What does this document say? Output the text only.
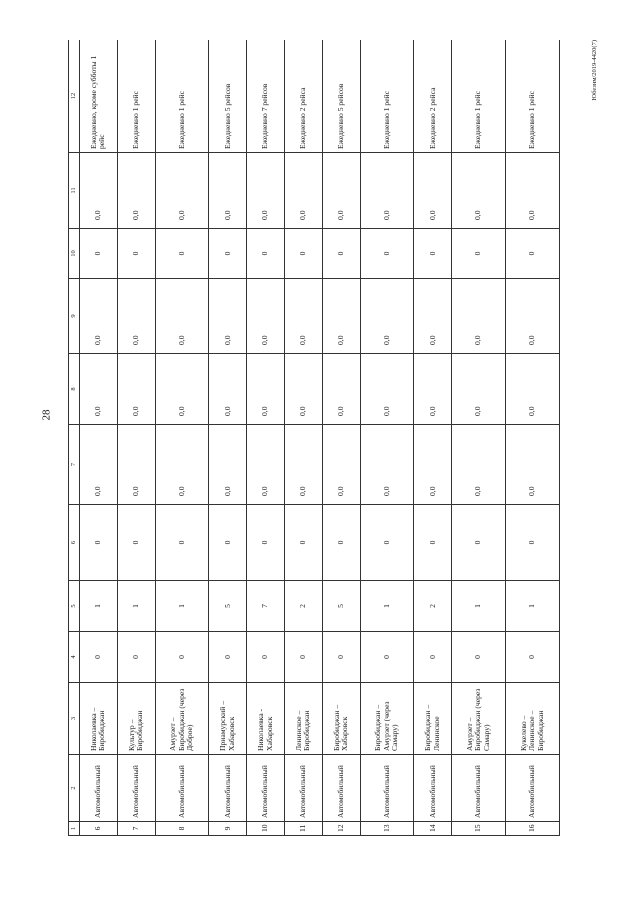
28
Юбезнм/2019-4420(7)
1	2	3	4	5	6	7	8	9	10	11	12
6	Автомобильный	Николаевка – Биробиджан	0	1	0	0,0	0,0	0,0	0	0,0	Ежедневно, кроме субботы 1 рейс
7	Автомобильный	Культур – Биробиджан	0	1	0	0,0	0,0	0,0	0	0,0	Ежедневно 1 рейс
8	Автомобильный	Амурзет – Биробиджан (через Доброе)	0	1	0	0,0	0,0	0,0	0	0,0	Ежедневно 1 рейс
9	Автомобильный	Приамурский – Хабаровск	0	5	0	0,0	0,0	0,0	0	0,0	Ежедневно 5 рейсов
10	Автомобильный	Николаевка - Хабаровск	0	7	0	0,0	0,0	0,0	0	0,0	Ежедневно 7 рейсов
11	Автомобильный	Ленинское – Биробиджан	0	2	0	0,0	0,0	0,0	0	0,0	Ежедневно 2 рейса
12	Автомобильный	Биробиджан – Хабаровск	0	5	0	0,0	0,0	0,0	0	0,0	Ежедневно 5 рейсов
13	Автомобильный	Биробиджан – Амурзет (через Самару)	0	1	0	0,0	0,0	0,0	0	0,0	Ежедневно 1 рейс
14	Автомобильный	Биробиджан – Ленинское	0	2	0	0,0	0,0	0,0	0	0,0	Ежедневно 2 рейса
15	Автомобильный	Амурзет – Биробиджан (через Самару)	0	1	0	0,0	0,0	0,0	0	0,0	Ежедневно 1 рейс
16	Автомобильный	Кукелево – Ленинское – Биробиджан	0	1	0	0,0	0,0	0,0	0	0,0	Ежедневно 1 рейс
